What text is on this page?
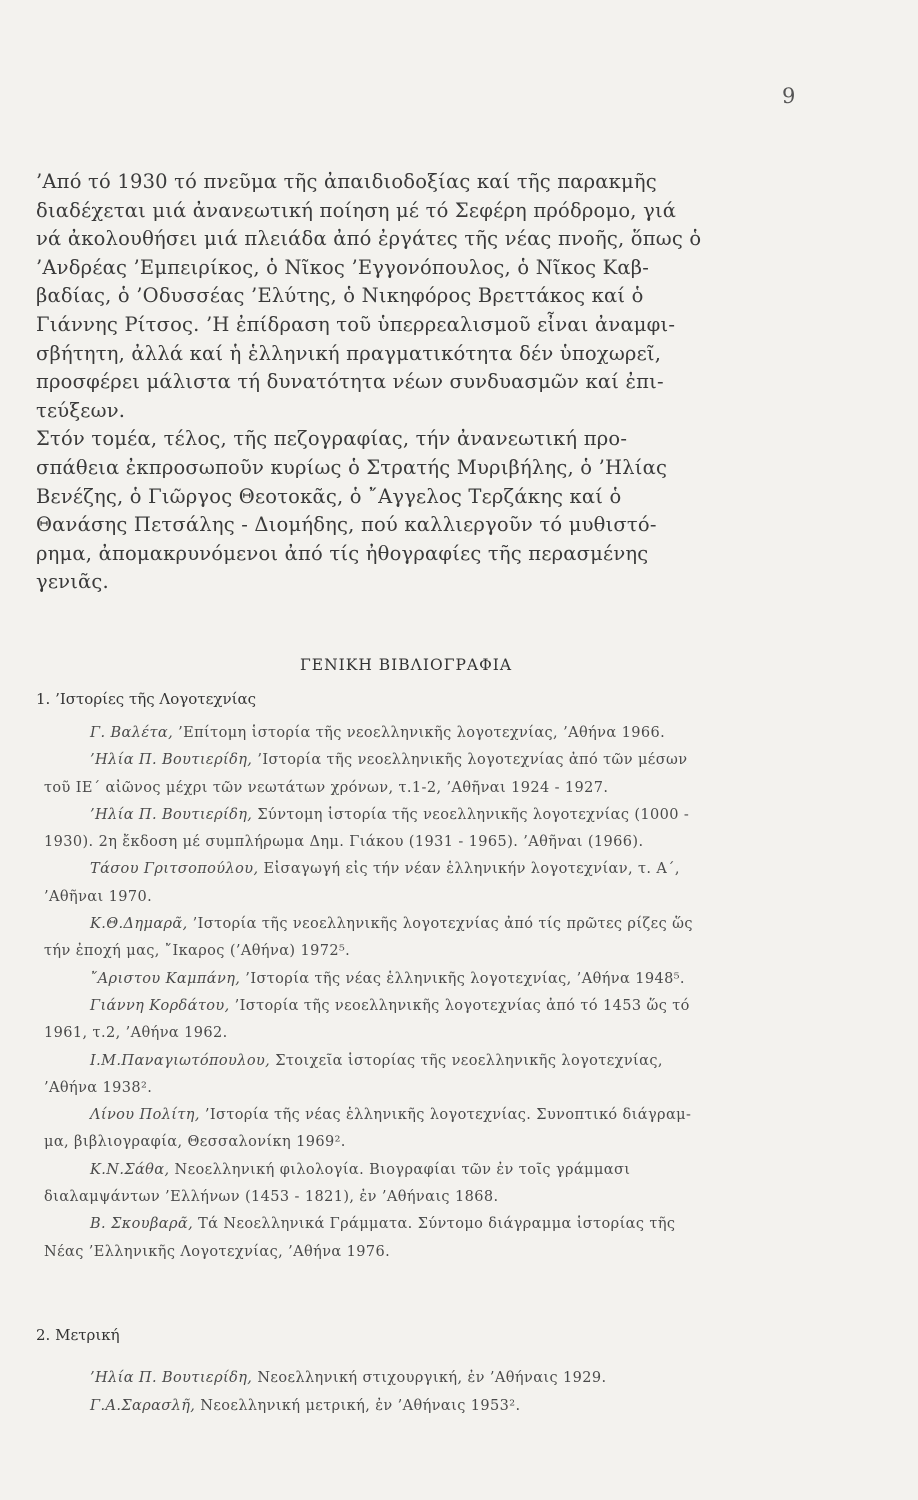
9
’Από τό 1930 τό πνεῦμα τῆς ἀπαιδιοδοξίας καί τῆς παρακμῆς
διαδέχεται μιά ἀνανεωτική ποίηση μέ τό Σεφέρη πρόδρομο, γιά
νά ἀκολουθήσει μιά πλειάδα ἀπό ἐργάτες τῆς νέας πνοῆς, ὅπως ὁ
’Ανδρέας ’Εμπειρίκος, ὁ Νῖκος ’Εγγονόπουλος, ὁ Νῖκος Καβ-
βαδίας, ὁ ’Οδυσσέας ’Ελύτης, ὁ Νικηφόρος Βρεττάκος καί ὁ
Γιάννης Ρίτσος. ’Η ἐπίδραση τοῦ ὑπερρεαλισμοῦ εἶναι ἀναμφι-
σβήτητη, ἀλλά καί ἡ ἑλληνική πραγματικότητα δέν ὑποχωρεῖ,
προσφέρει μάλιστα τή δυνατότητα νέων συνδυασμῶν καί ἐπι-
τεύξεων.
Στόν τομέα, τέλος, τῆς πεζογραφίας, τήν ἀνανεωτική προ-
σπάθεια ἐκπροσωποῦν κυρίως ὁ Στρατής Μυριβήλης, ὁ ’Ηλίας
Βενέζης, ὁ Γιῶργος Θεοτοκᾶς, ὁ ῎Αγγελος Τερζάκης καί ὁ
Θανάσης Πετσάλης - Διομήδης, πού καλλιεργοῦν τό μυθιστό-
ρημα, ἀπομακρυνόμενοι ἀπό τίς ἠθογραφίες τῆς περασμένης
γενιᾶς.
ΓΕΝΙΚΗ ΒΙΒΛΙΟΓΡΑΦΙΑ
1. ’Ιστορίες τῆς Λογοτεχνίας
Γ. Βαλέτα, ’Επίτομη ἱστορία τῆς νεοελληνικῆς λογοτεχνίας, ’Αθήνα 1966.
’Ηλία Π. Βουτιερίδη, ’Ιστορία τῆς νεοελληνικῆς λογοτεχνίας ἀπό τῶν μέσων
τοῦ ΙΕ΄ αἰῶνος μέχρι τῶν νεωτάτων χρόνων, τ.1-2, ’Αθῆναι 1924 - 1927.
’Ηλία Π. Βουτιερίδη, Σύντομη ἱστορία τῆς νεοελληνικῆς λογοτεχνίας (1000 -
1930). 2η ἔκδοση μέ συμπλήρωμα Δημ. Γιάκου (1931 - 1965). ’Αθῆναι (1966).
Τάσου Γριτσοπούλου, Εἰσαγωγή εἰς τήν νέαν ἑλληνικήν λογοτεχνίαν, τ. Α΄,
’Αθῆναι 1970.
Κ.Θ.Δημαρᾶ, ’Ιστορία τῆς νεοελληνικῆς λογοτεχνίας ἀπό τίς πρῶτες ρίζες ὥς
τήν ἐποχή μας, ῎Ικαρος (’Αθήνα) 1972⁵.
῎Αριστου Καμπάνη, ’Ιστορία τῆς νέας ἑλληνικῆς λογοτεχνίας, ’Αθήνα 1948⁵.
Γιάννη Κορδάτου, ’Ιστορία τῆς νεοελληνικῆς λογοτεχνίας ἀπό τό 1453 ὥς τό
1961, τ.2, ’Αθήνα 1962.
Ι.Μ.Παναγιωτόπουλου, Στοιχεῖα ἱστορίας τῆς νεοελληνικῆς λογοτεχνίας,
’Αθήνα 1938².
Λίνου Πολίτη, ’Ιστορία τῆς νέας ἑλληνικῆς λογοτεχνίας. Συνοπτικό διάγραμ-
μα, βιβλιογραφία, Θεσσαλονίκη 1969².
Κ.Ν.Σάθα, Νεοελληνική φιλολογία. Βιογραφίαι τῶν ἐν τοῖς γράμμασι
διαλαμψάντων ’Ελλήνων (1453 - 1821), ἐν ’Αθήναις 1868.
Β. Σκουβαρᾶ, Τά Νεοελληνικά Γράμματα. Σύντομο διάγραμμα ἱστορίας τῆς
Νέας ’Ελληνικῆς Λογοτεχνίας, ’Αθήνα 1976.
2. Μετρική
’Ηλία Π. Βουτιερίδη, Νεοελληνική στιχουργική, ἐν ’Αθήναις 1929.
Γ.Α.Σαρασλῆ, Νεοελληνική μετρική, ἐν ’Αθήναις 1953².
